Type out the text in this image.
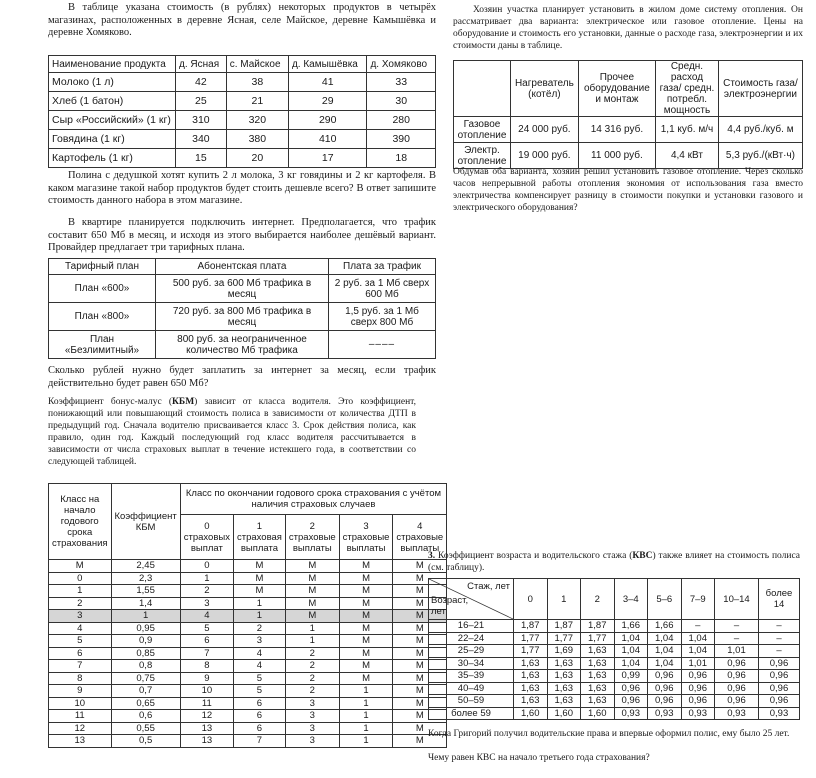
В таблице указана стоимость (в рублях) некоторых продуктов в четырёх магазинах, расположенных в деревне Ясная, селе Майское, деревне Камышёвка и деревне Хомяково.
Наименование продукта	д. Ясная	с. Майское	д. Камышёвка	д. Хомяково
Молоко (1 л)	42	38	41	33
Хлеб (1 батон)	25	21	29	30
Сыр «Российский» (1 кг)	310	320	290	280
Говядина (1 кг)	340	380	410	390
Картофель (1 кг)	15	20	17	18
Полина с дедушкой хотят купить 2 л молока, 3 кг говядины и 2 кг картофеля. В каком магазине такой набор продуктов будет стоить дешевле всего? В ответ запишите стоимость данного набора в этом магазине.
В квартире планируется подключить интернет. Предполагается, что трафик составит 650 Мб в месяц, и исходя из этого выбирается наиболее дешёвый вариант. Провайдер предлагает три тарифных плана.
Тарифный план	Абонентская плата	Плата за трафик
План «600»	500 руб. за 600 Мб трафика в месяц	2 руб. за 1 Мб сверх 600 Мб
План «800»	720 руб. за 800 Мб трафика в месяц	1,5 руб. за 1 Мб сверх 800 Мб
План «Безлимитный»	800 руб. за неограниченное количество Мб трафика	––––
Сколько рублей нужно будет заплатить за интернет за месяц, если трафик действительно будет равен 650 Мб?
Коэффициент бонус-малус (КБМ) зависит от класса водителя. Это коэффициент, понижающий или повышающий стоимость полиса в зависимости от количества ДТП в предыдущий год. Сначала водителю присваивается класс 3. Срок действия полиса, как правило, один год. Каждый последующий год класс водителя рассчитывается в зависимости от числа страховых выплат в течение истекшего года, в соответствии со следующей таблицей.
Класс на начало годового срока страхования	Коэффициент КБМ	Класс по окончании годового срока страхования с учётом наличия страховых случаев				
		0 страховых выплат	1 страховая выплата	2 страховые выплаты	3 страховые выплаты	4 страховые выплаты
М	2,45	0	М	М	М	М
0	2,3	1	М	М	М	М
1	1,55	2	М	М	М	М
2	1,4	3	1	М	М	М
3	1	4	1	М	М	М
4	0,95	5	2	1	М	М
5	0,9	6	3	1	М	М
6	0,85	7	4	2	М	М
7	0,8	8	4	2	М	М
8	0,75	9	5	2	М	М
9	0,7	10	5	2	1	М
10	0,65	11	6	3	1	М
11	0,6	12	6	3	1	М
12	0,55	13	6	3	1	М
13	0,5	13	7	3	1	М
Хозяин участка планирует установить в жилом доме систему отопления. Он рассматривает два варианта: электрическое или газовое отопление. Цены на оборудование и стоимость его установки, данные о расходе газа, электроэнергии и их стоимости даны в таблице.
	Нагреватель (котёл)	Прочее оборудование и монтаж	Средн. расход газа/ средн. потребл. мощность	Стоимость газа/электроэнергии
Газовое отопление	24 000 руб.	14 316 руб.	1,1 куб. м/ч	4,4 руб./куб. м
Электр. отопление	19 000 руб.	11 000 руб.	4,4 кВт	5,3 руб./(кВт·ч)
Обдумав оба варианта, хозяин решил установить газовое отопление. Через сколько часов непрерывной работы отопления экономия от использования газа вместо электричества компенсирует разницу в стоимости покупки и установки газового и электрического оборудования?
3. Коэффициент возраста и водительского стажа (КВС) также влияет на стоимость полиса (см. таблицу).
Стаж, лет
Возраст, лет	0	1	2	3–4	5–6	7–9	10–14	более 14
16–21	1,87	1,87	1,87	1,66	1,66	–	–	–
22–24	1,77	1,77	1,77	1,04	1,04	1,04	–	–
25–29	1,77	1,69	1,63	1,04	1,04	1,04	1,01	–
30–34	1,63	1,63	1,63	1,04	1,04	1,01	0,96	0,96
35–39	1,63	1,63	1,63	0,99	0,96	0,96	0,96	0,96
40–49	1,63	1,63	1,63	0,96	0,96	0,96	0,96	0,96
50–59	1,63	1,63	1,63	0,96	0,96	0,96	0,96	0,96
более 59	1,60	1,60	1,60	0,93	0,93	0,93	0,93	0,93
Когда Григорий получил водительские права и впервые оформил полис, ему было 25 лет.
Чему равен КВС на начало третьего года страхования?
